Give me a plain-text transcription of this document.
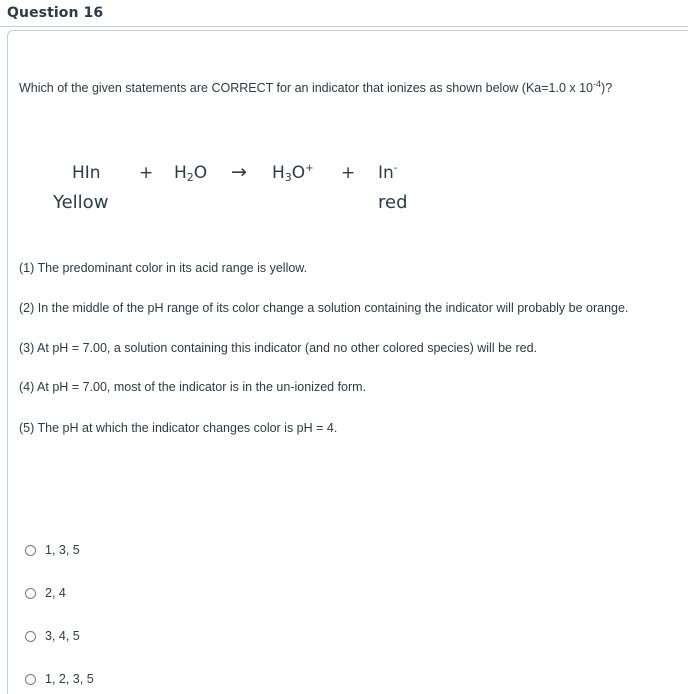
Question 16
Which of the given statements are CORRECT for an indicator that ionizes as shown below (Ka=1.0 x $10^{-4}$)?
HIn + $H_2O \to H_3O^+ + In^-$
Yellow	red
(1) The predominant color in its acid range is yellow.
(2) In the middle of the pH range of its color change a solution containing the indicator will probably be orange.
(3) At pH = 7.00, a solution containing this indicator (and no other colored species) will be red.
(4) At pH = 7.00, most of the indicator is in the un-ionized form.
(5) The pH at which the indicator changes color is pH = 4.
1, 3, 5
2, 4
3, 4, 5
1, 2, 3, 5
